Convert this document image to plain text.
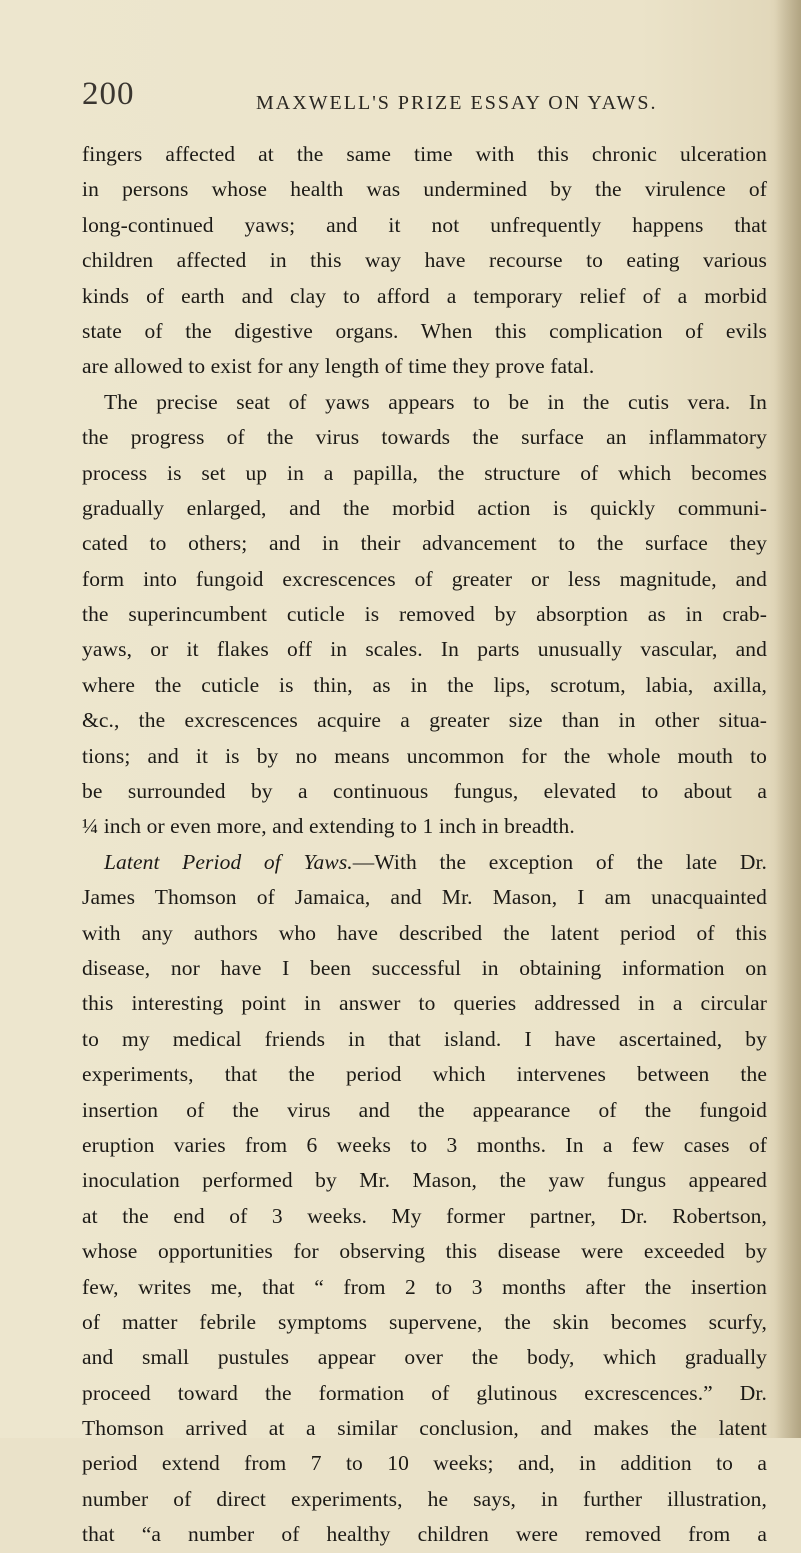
200	MAXWELL'S PRIZE ESSAY ON YAWS.
fingers affected at the same time with this chronic ulceration
in persons whose health was undermined by the virulence of
long-continued yaws; and it not unfrequently happens that
children affected in this way have recourse to eating various
kinds of earth and clay to afford a temporary relief of a morbid
state of the digestive organs. When this complication of evils
are allowed to exist for any length of time they prove fatal.
The precise seat of yaws appears to be in the cutis vera. In
the progress of the virus towards the surface an inflammatory
process is set up in a papilla, the structure of which becomes
gradually enlarged, and the morbid action is quickly communi-
cated to others; and in their advancement to the surface they
form into fungoid excrescences of greater or less magnitude, and
the superincumbent cuticle is removed by absorption as in crab-
yaws, or it flakes off in scales. In parts unusually vascular, and
where the cuticle is thin, as in the lips, scrotum, labia, axilla,
&c., the excrescences acquire a greater size than in other situa-
tions; and it is by no means uncommon for the whole mouth to
be surrounded by a continuous fungus, elevated to about a
¼ inch or even more, and extending to 1 inch in breadth.
Latent Period of Yaws.—With the exception of the late Dr.
James Thomson of Jamaica, and Mr. Mason, I am unacquainted
with any authors who have described the latent period of this
disease, nor have I been successful in obtaining information on
this interesting point in answer to queries addressed in a circular
to my medical friends in that island. I have ascertained, by
experiments, that the period which intervenes between the
insertion of the virus and the appearance of the fungoid
eruption varies from 6 weeks to 3 months. In a few cases of
inoculation performed by Mr. Mason, the yaw fungus appeared
at the end of 3 weeks. My former partner, Dr. Robertson,
whose opportunities for observing this disease were exceeded by
few, writes me, that “ from 2 to 3 months after the insertion
of matter febrile symptoms supervene, the skin becomes scurfy,
and small pustules appear over the body, which gradually
proceed toward the formation of glutinous excrescences.” Dr.
Thomson arrived at a similar conclusion, and makes the latent
period extend from 7 to 10 weeks; and, in addition to a
number of direct experiments, he says, in further illustration,
that “a number of healthy children were removed from a
